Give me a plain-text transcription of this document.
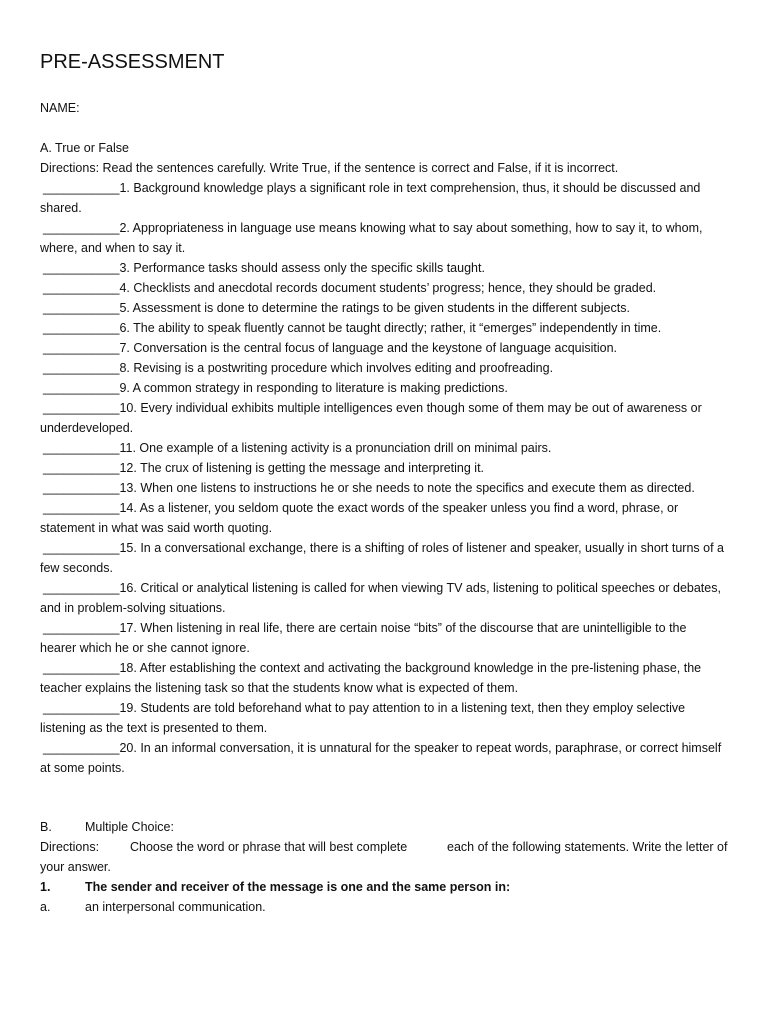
PRE-ASSESSMENT
NAME:
A. True or False
Directions: Read the sentences carefully. Write True, if the sentence is correct and False, if it is incorrect.
___________1. Background knowledge plays a significant role in text comprehension, thus, it should be discussed and
shared.
___________2. Appropriateness in language use means knowing what to say about something, how to say it, to whom,
where, and when to say it.
___________3. Performance tasks should assess only the specific skills taught.
___________4. Checklists and anecdotal records document students’ progress; hence, they should be graded.
___________5. Assessment is done to determine the ratings to be given students in the different subjects.
___________6. The ability to speak fluently cannot be taught directly; rather, it “emerges” independently in time.
___________7. Conversation is the central focus of language and the keystone of language acquisition.
___________8. Revising is a postwriting procedure which involves editing and proofreading.
___________9. A common strategy in responding to literature is making predictions.
___________10. Every individual exhibits multiple intelligences even though some of them may be out of awareness or
underdeveloped.
___________11. One example of a listening activity is a pronunciation drill on minimal pairs.
___________12. The crux of listening is getting the message and interpreting it.
___________13. When one listens to instructions he or she needs to note the specifics and execute them as directed.
___________14. As a listener, you seldom quote the exact words of the speaker unless you find a word, phrase, or
statement in what was said worth quoting.
___________15. In a conversational exchange, there is a shifting of roles of listener and speaker, usually in short turns of a
few seconds.
___________16. Critical or analytical listening is called for when viewing TV ads, listening to political speeches or debates,
and in problem-solving situations.
___________17. When listening in real life, there are certain noise “bits” of the discourse that are unintelligible to the
hearer which he or she cannot ignore.
___________18. After establishing the context and activating the background knowledge in the pre-listening phase, the
teacher explains the listening task so that the students know what is expected of them.
___________19. Students are told beforehand what to pay attention to in a listening text, then they employ selective
listening as the text is presented to them.
___________20. In an informal conversation, it is unnatural for the speaker to repeat words, paraphrase, or correct himself
at some points.
B.	Multiple Choice:
Directions: Choose the word or phrase that will best complete	each of the following statements. Write the letter of
your answer.
1.	The sender and receiver of the message is one and the same person in:
a.	an interpersonal communication.
